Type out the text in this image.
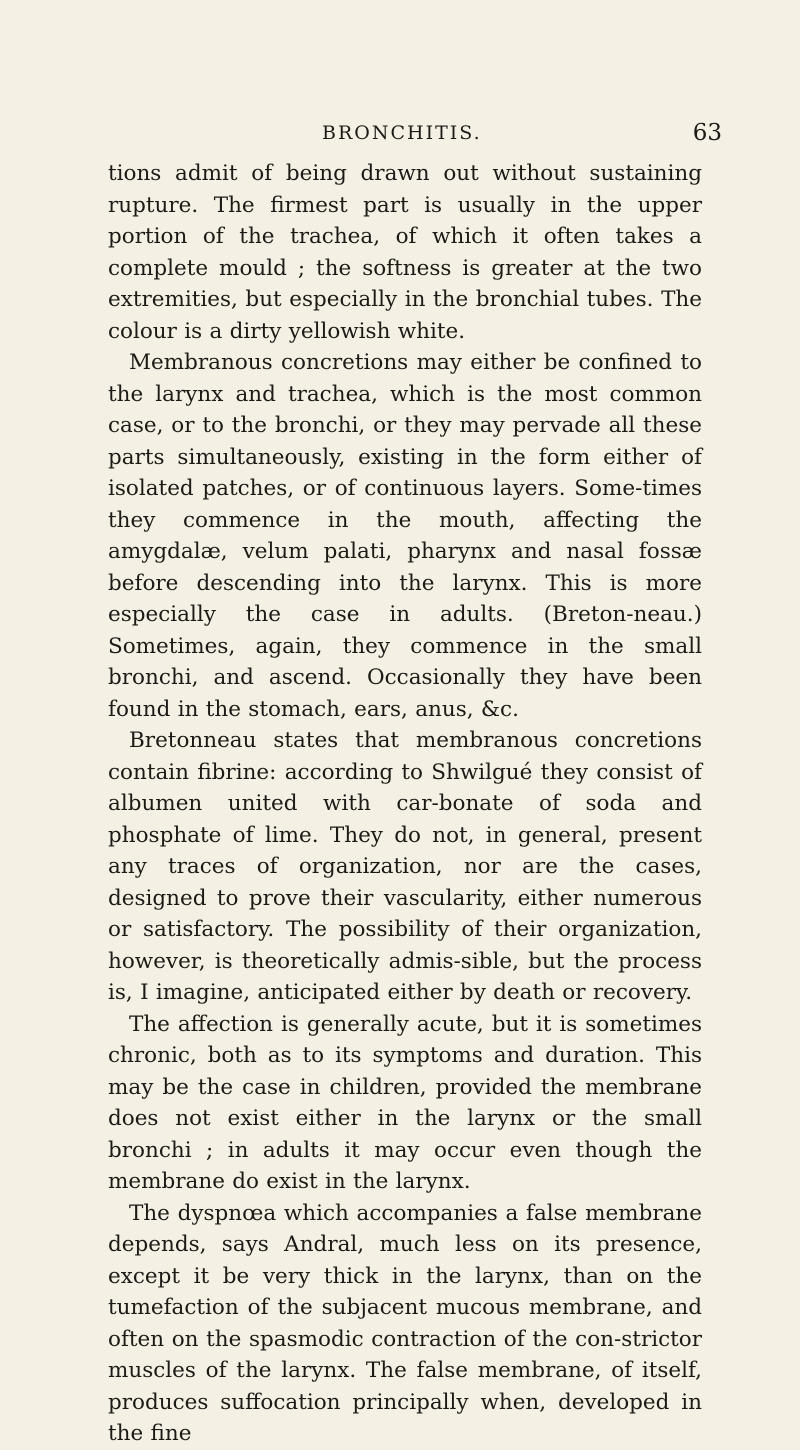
BRONCHITIS.	63

tions admit of being drawn out without sustaining rupture. The firmest part is usually in the upper portion of the trachea, of which it often takes a complete mould ; the softness is greater at the two extremities, but especially in the bronchial tubes. The colour is a dirty yellowish white.

Membranous concretions may either be confined to the larynx and trachea, which is the most common case, or to the bronchi, or they may pervade all these parts simultaneously, existing in the form either of isolated patches, or of continuous layers. Some-times they commence in the mouth, affecting the amygdalæ, velum palati, pharynx and nasal fossæ before descending into the larynx. This is more especially the case in adults. (Breton-neau.) Sometimes, again, they commence in the small bronchi, and ascend. Occasionally they have been found in the stomach, ears, anus, &c.

Bretonneau states that membranous concretions contain fibrine: according to Shwilgué they consist of albumen united with car-bonate of soda and phosphate of lime. They do not, in general, present any traces of organization, nor are the cases, designed to prove their vascularity, either numerous or satisfactory. The possibility of their organization, however, is theoretically admis-sible, but the process is, I imagine, anticipated either by death or recovery.

The affection is generally acute, but it is sometimes chronic, both as to its symptoms and duration. This may be the case in children, provided the membrane does not exist either in the larynx or the small bronchi ; in adults it may occur even though the membrane do exist in the larynx.

The dyspnœa which accompanies a false membrane depends, says Andral, much less on its presence, except it be very thick in the larynx, than on the tumefaction of the subjacent mucous membrane, and often on the spasmodic contraction of the con-strictor muscles of the larynx. The false membrane, of itself, produces suffocation principally when, developed in the fine
